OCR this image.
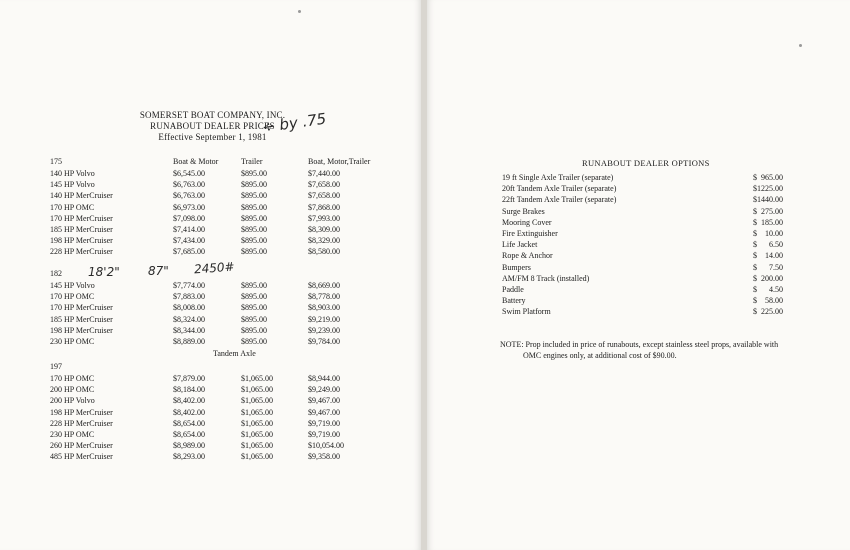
SOMERSET BOAT COMPANY, INC.
RUNABOUT DEALER PRICES
Effective September 1, 1981
÷ by .75
Boat & Motor	Trailer	Boat, Motor,Trailer
175
140 HP Volvo	$6,545.00	$895.00	$7,440.00
145 HP Volvo	$6,763.00	$895.00	$7,658.00
140 HP MerCruiser	$6,763.00	$895.00	$7,658.00
170 HP OMC	$6,973.00	$895.00	$7,868.00
170 HP MerCruiser	$7,098.00	$895.00	$7,993.00
185 HP MerCruiser	$7,414.00	$895.00	$8,309.00
198 HP MerCruiser	$7,434.00	$895.00	$8,329.00
228 HP MerCruiser	$7,685.00	$895.00	$8,580.00
182
145 HP Volvo	$7,774.00	$895.00	$8,669.00
170 HP OMC	$7,883.00	$895.00	$8,778.00
170 HP MerCruiser	$8,008.00	$895.00	$8,903.00
185 HP MerCruiser	$8,324.00	$895.00	$9,219.00
198 HP MerCruiser	$8,344.00	$895.00	$9,239.00
230 HP OMC	$8,889.00	$895.00	$9,784.00
197
170 HP OMC	$7,879.00	$1,065.00	$8,944.00
200 HP OMC	$8,184.00	$1,065.00	$9,249.00
200 HP Volvo	$8,402.00	$1,065.00	$9,467.00
198 HP MerCruiser	$8,402.00	$1,065.00	$9,467.00
228 HP MerCruiser	$8,654.00	$1,065.00	$9,719.00
230 HP OMC	$8,654.00	$1,065.00	$9,719.00
260 HP MerCruiser	$8,989.00	$1,065.00	$10,054.00
485 HP MerCruiser	$8,293.00	$1,065.00	$9,358.00
Tandem Axle
18'2" 87" 2450#
RUNABOUT DEALER OPTIONS
19 ft Single Axle Trailer (separate)	$  965.00
20ft Tandem Axle Trailer (separate)	$1225.00
22ft Tandem Axle Trailer (separate)	$1440.00
Surge Brakes	$  275.00
Mooring Cover	$  185.00
Fire Extinguisher	$    10.00
Life Jacket	$      6.50
Rope & Anchor	$    14.00
Bumpers	$      7.50
AM/FM 8 Track (installed)	$  200.00
Paddle	$      4.50
Battery	$    58.00
Swim Platform	$  225.00
NOTE: Prop included in price of runabouts, except stainless steel props, available with
OMC engines only, at additional cost of $90.00.
